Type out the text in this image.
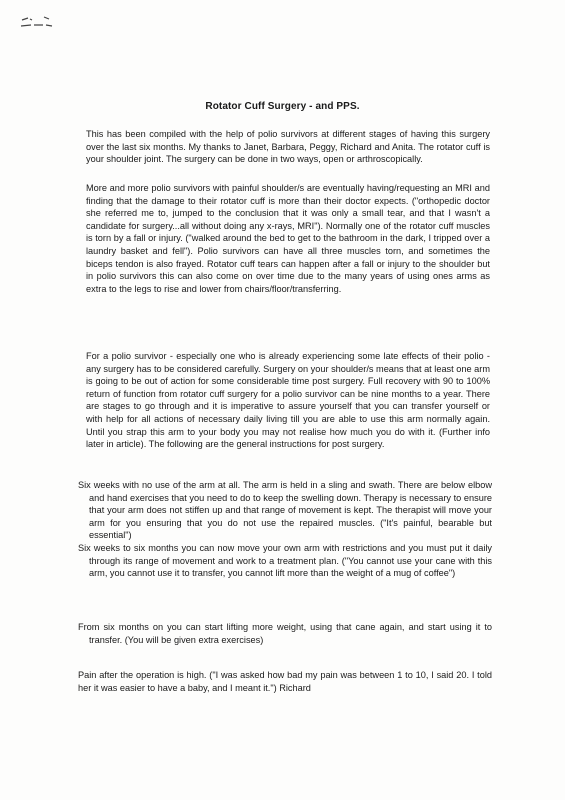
Rotator Cuff Surgery - and PPS.

This has been compiled with the help of polio survivors at different stages of having this surgery over the last six months. My thanks to Janet, Barbara, Peggy, Richard and Anita. The rotator cuff is your shoulder joint. The surgery can be done in two ways, open or arthroscopically.

More and more polio survivors with painful shoulder/s are eventually having/requesting an MRI and finding that the damage to their rotator cuff is more than their doctor expects. ("orthopedic doctor she referred me to, jumped to the conclusion that it was only a small tear, and that I wasn't a candidate for surgery...all without doing any x-rays, MRI"). Normally one of the rotator cuff muscles is torn by a fall or injury. ("walked around the bed to get to the bathroom in the dark, I tripped over a laundry basket and fell"). Polio survivors can have all three muscles torn, and sometimes the biceps tendon is also frayed. Rotator cuff tears can happen after a fall or injury to the shoulder but in polio survivors this can also come on over time due to the many years of using ones arms as extra to the legs to rise and lower from chairs/floor/transferring.

For a polio survivor - especially one who is already experiencing some late effects of their polio - any surgery has to be considered carefully. Surgery on your shoulder/s means that at least one arm is going to be out of action for some considerable time post surgery. Full recovery with 90 to 100% return of function from rotator cuff surgery for a polio survivor can be nine months to a year. There are stages to go through and it is imperative to assure yourself that you can transfer yourself or with help for all actions of necessary daily living till you are able to use this arm normally again. Until you strap this arm to your body you may not realise how much you do with it. (Further info later in article). The following are the general instructions for post surgery.

Six weeks with no use of the arm at all. The arm is held in a sling and swath. There are below elbow and hand exercises that you need to do to keep the swelling down. Therapy is necessary to ensure that your arm does not stiffen up and that range of movement is kept. The therapist will move your arm for you ensuring that you do not use the repaired muscles. ("It's painful, bearable but essential")

Six weeks to six months you can now move your own arm with restrictions and you must put it daily through its range of movement and work to a treatment plan. ("You cannot use your cane with this arm, you cannot use it to transfer, you cannot lift more than the weight of a mug of coffee")

From six months on you can start lifting more weight, using that cane again, and start using it to transfer. (You will be given extra exercises)

Pain after the operation is high. ("I was asked how bad my pain was between 1 to 10, I said 20. I told her it was easier to have a baby, and I meant it.") Richard
